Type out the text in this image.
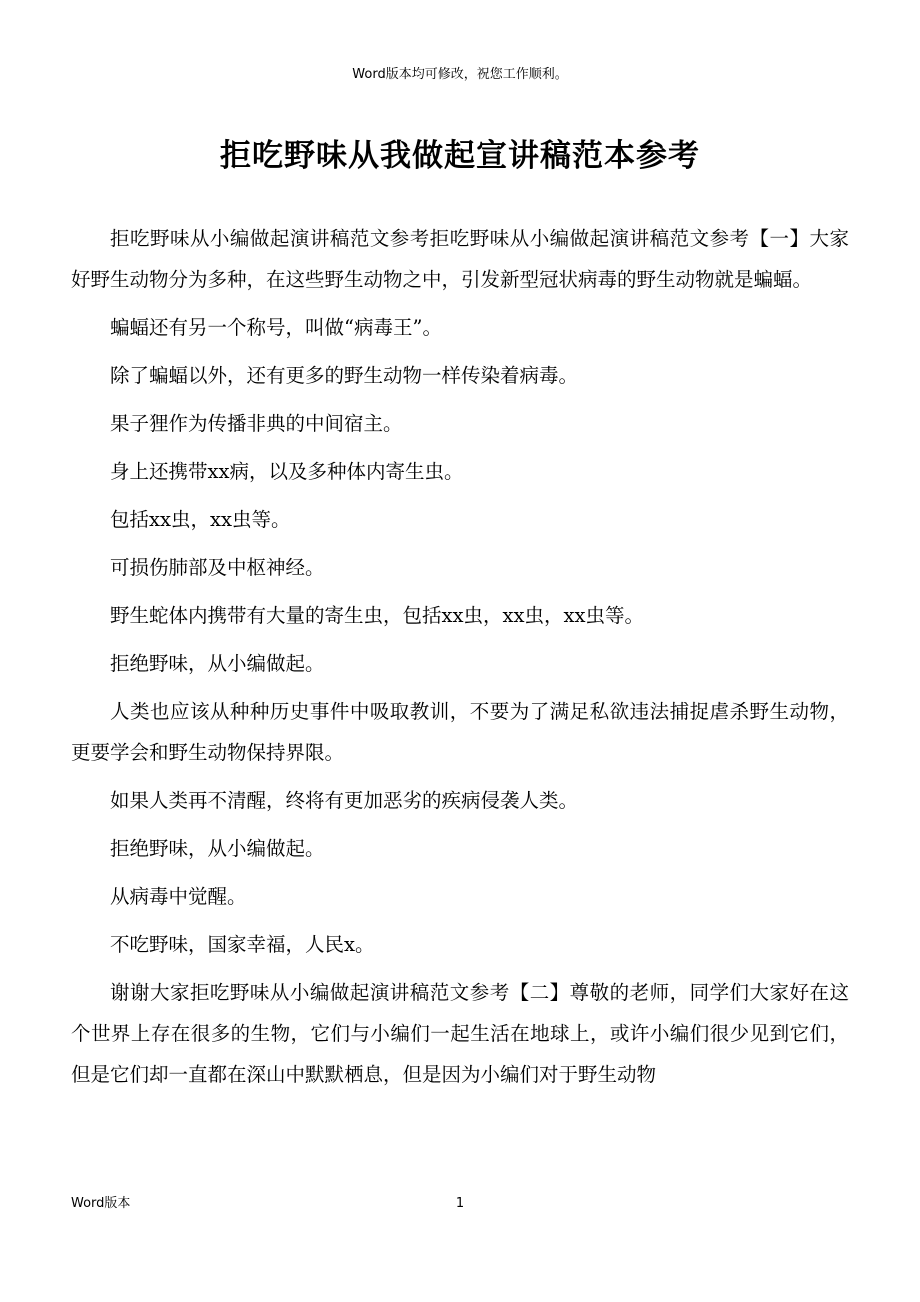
Word版本均可修改，祝您工作顺利。
拒吃野味从我做起宣讲稿范本参考

拒吃野味从小编做起演讲稿范文参考拒吃野味从小编做起演讲稿范文参考【一】大家好野生动物分为多种，在这些野生动物之中，引发新型冠状病毒的野生动物就是蝙蝠。

蝙蝠还有另一个称号，叫做“病毒王”。

除了蝙蝠以外，还有更多的野生动物一样传染着病毒。

果子狸作为传播非典的中间宿主。

身上还携带xx病，以及多种体内寄生虫。

包括xx虫，xx虫等。

可损伤肺部及中枢神经。

野生蛇体内携带有大量的寄生虫，包括xx虫，xx虫，xx虫等。

拒绝野味，从小编做起。

人类也应该从种种历史事件中吸取教训，不要为了满足私欲违法捕捉虐杀野生动物，更要学会和野生动物保持界限。

如果人类再不清醒，终将有更加恶劣的疾病侵袭人类。

拒绝野味，从小编做起。

从病毒中觉醒。

不吃野味，国家幸福，人民x。

谢谢大家拒吃野味从小编做起演讲稿范文参考【二】尊敬的老师，同学们大家好在这个世界上存在很多的生物，它们与小编们一起生活在地球上，或许小编们很少见到它们，但是它们却一直都在深山中默默栖息，但是因为小编们对于野生动物

Word版本	1
